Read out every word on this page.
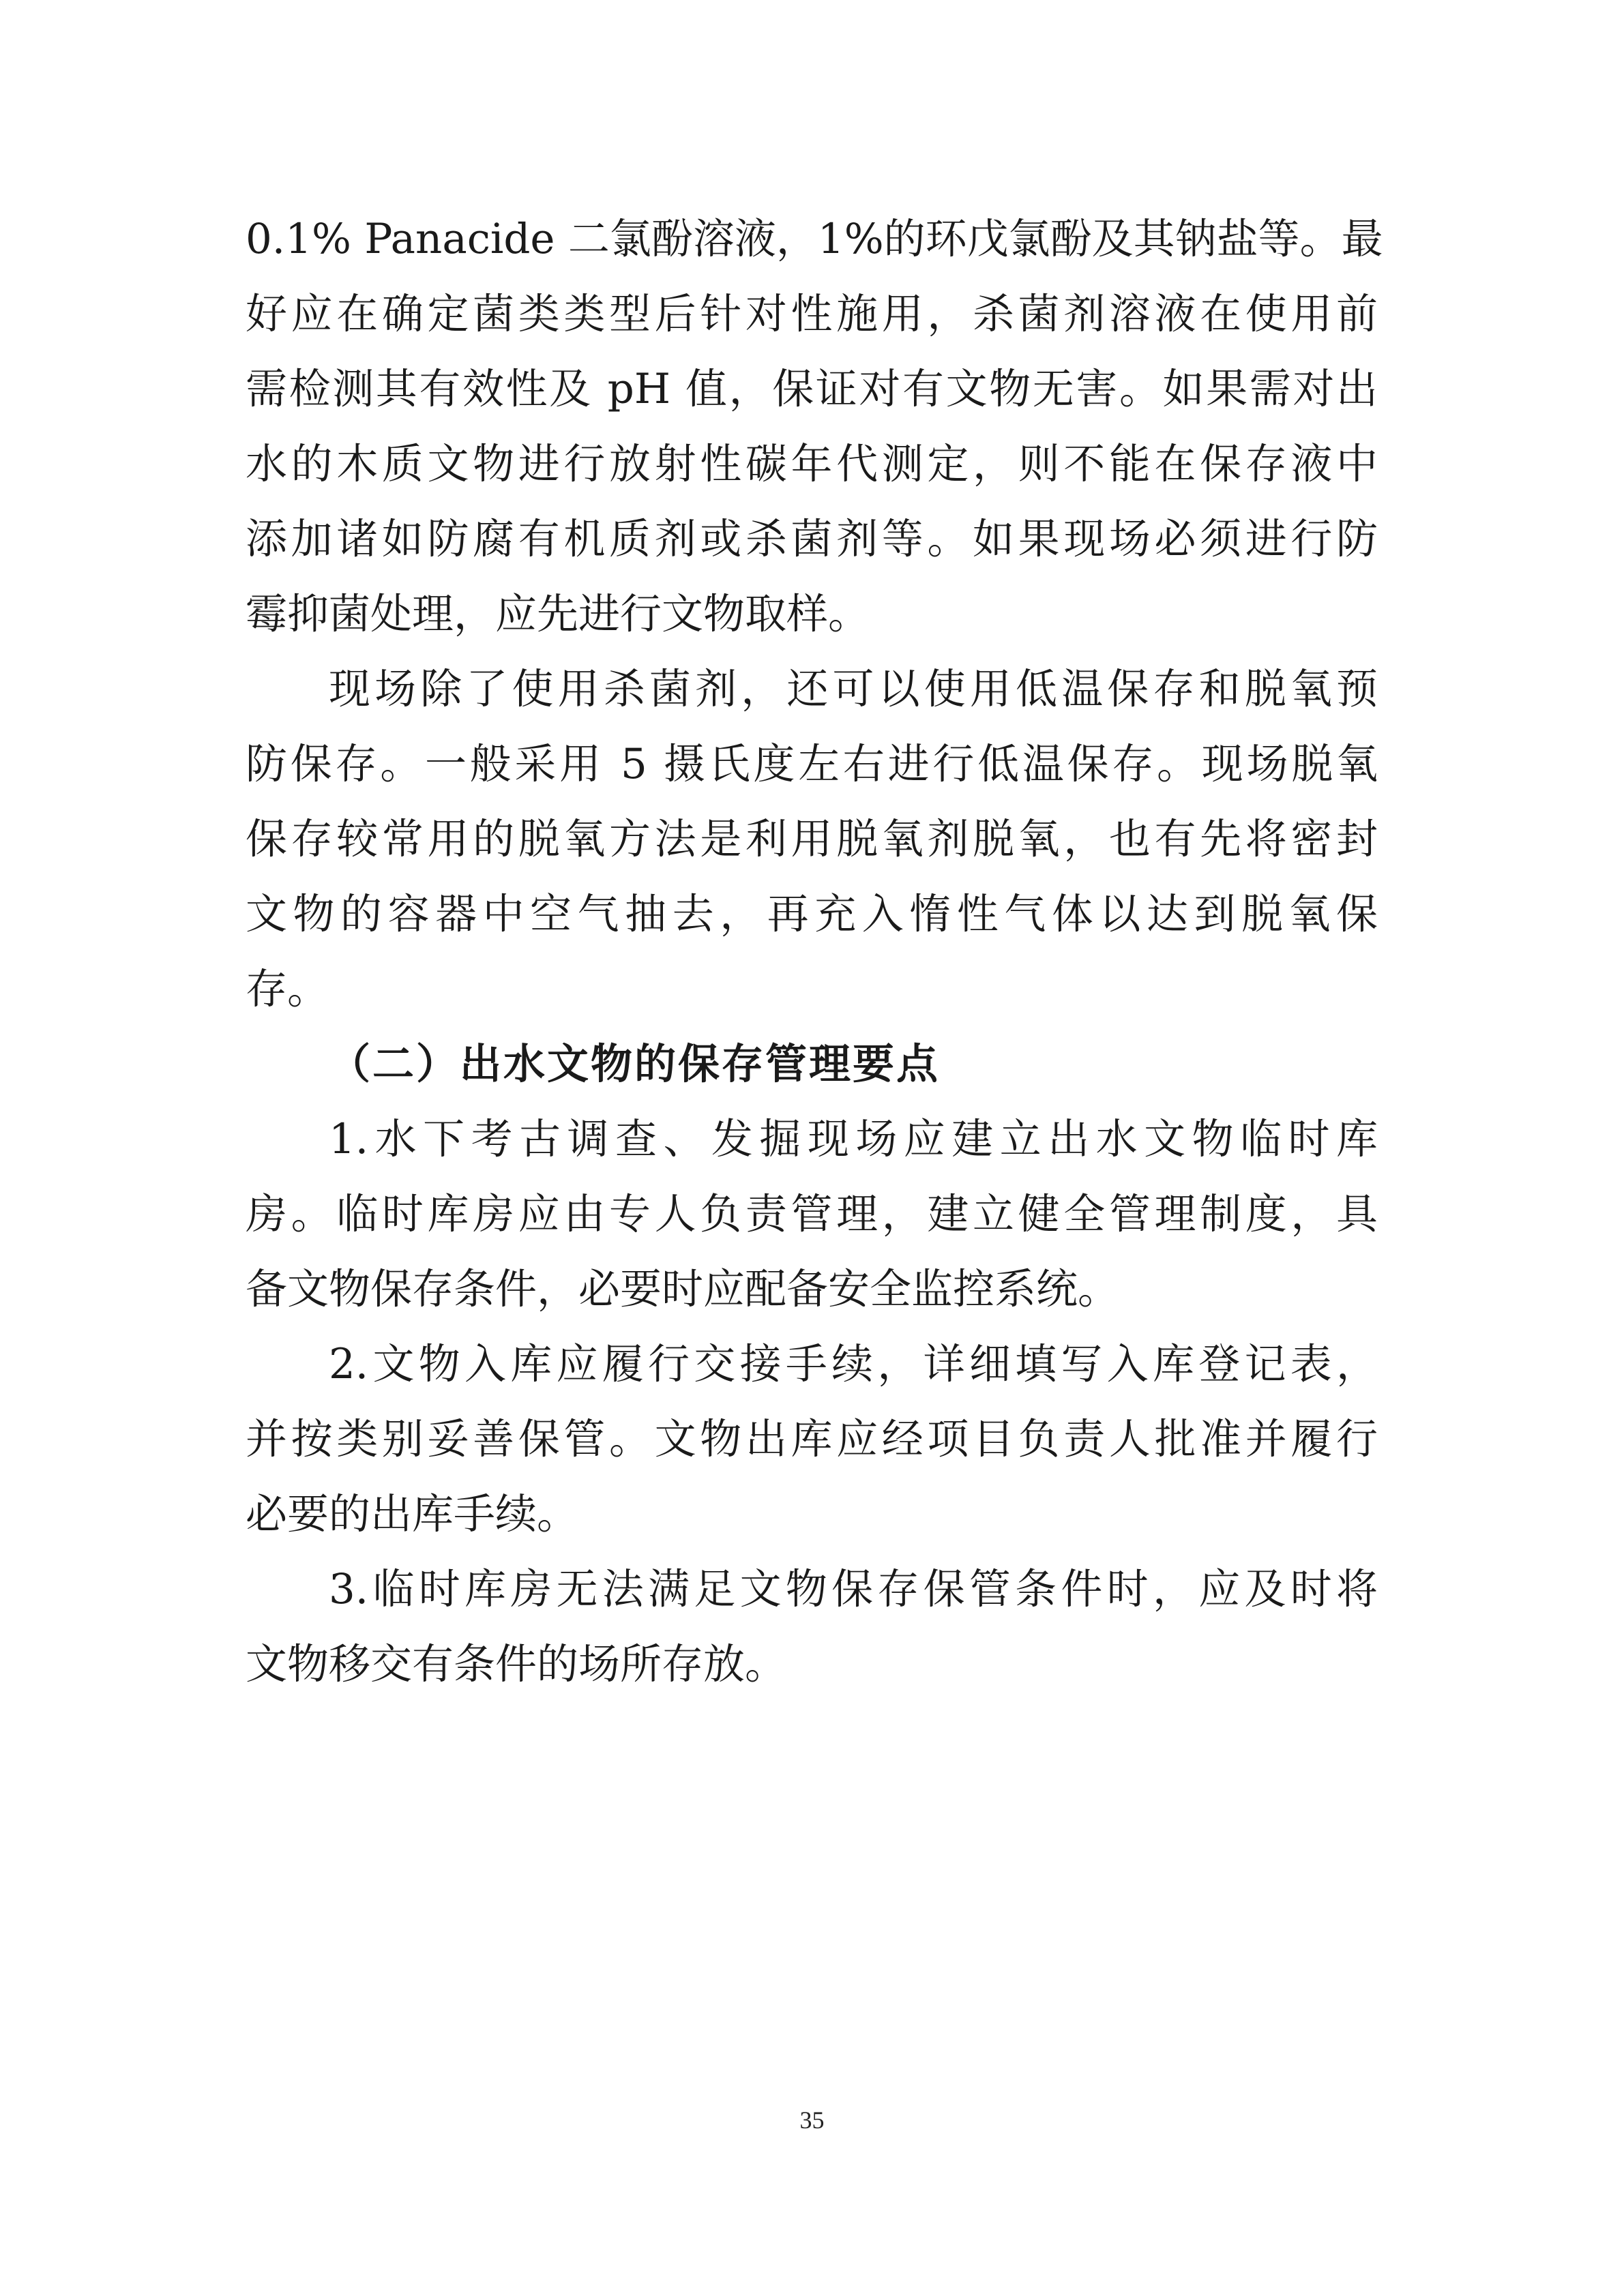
0.1% Panacide 二氯酚溶液，1%的环戊氯酚及其钠盐等。最
好应在确定菌类类型后针对性施用，杀菌剂溶液在使用前
需检测其有效性及 pH 值，保证对有文物无害。如果需对出
水的木质文物进行放射性碳年代测定，则不能在保存液中
添加诸如防腐有机质剂或杀菌剂等。如果现场必须进行防
霉抑菌处理，应先进行文物取样。
现场除了使用杀菌剂，还可以使用低温保存和脱氧预
防保存。一般采用 5 摄氏度左右进行低温保存。现场脱氧
保存较常用的脱氧方法是利用脱氧剂脱氧，也有先将密封
文物的容器中空气抽去，再充入惰性气体以达到脱氧保
存。
（二）出水文物的保存管理要点
1.水下考古调查、发掘现场应建立出水文物临时库
房。临时库房应由专人负责管理，建立健全管理制度，具
备文物保存条件，必要时应配备安全监控系统。
2.文物入库应履行交接手续，详细填写入库登记表，
并按类别妥善保管。文物出库应经项目负责人批准并履行
必要的出库手续。
3.临时库房无法满足文物保存保管条件时，应及时将
文物移交有条件的场所存放。
35
